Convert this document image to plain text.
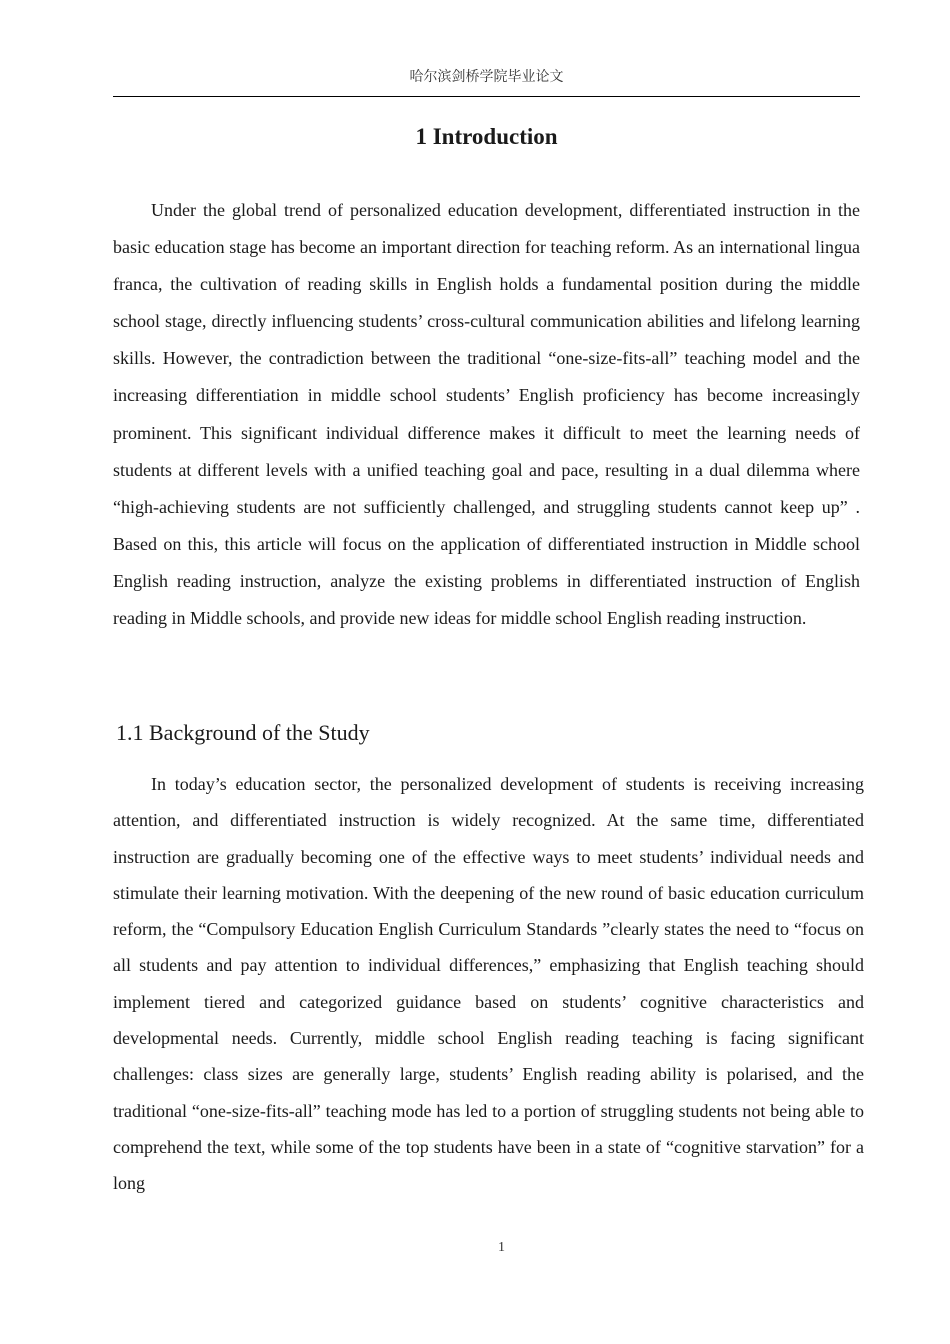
哈尔滨剑桥学院毕业论文
1 Introduction

Under the global trend of personalized education development, differentiated instruction in the basic education stage has become an important direction for teaching reform. As an international lingua franca, the cultivation of reading skills in English holds a fundamental position during the middle school stage, directly influencing students’ cross-cultural communication abilities and lifelong learning skills. However, the contradiction between the traditional “one-size-fits-all” teaching model and the increasing differentiation in middle school students’ English proficiency has become increasingly prominent. This significant individual difference makes it difficult to meet the learning needs of students at different levels with a unified teaching goal and pace, resulting in a dual dilemma where “high-achieving students are not sufficiently challenged, and struggling students cannot keep up” . Based on this, this article will focus on the application of differentiated instruction in Middle school English reading instruction, analyze the existing problems in differentiated instruction of English reading in Middle schools, and provide new ideas for middle school English reading instruction.

1.1 Background of the Study

In today’s education sector, the personalized development of students is receiving increasing attention, and differentiated instruction is widely recognized. At the same time, differentiated instruction are gradually becoming one of the effective ways to meet students’ individual needs and stimulate their learning motivation. With the deepening of the new round of basic education curriculum reform, the “Compulsory Education English Curriculum Standards ”clearly states the need to “focus on all students and pay attention to individual differences,” emphasizing that English teaching should implement tiered and categorized guidance based on students’ cognitive characteristics and developmental needs. Currently, middle school English reading teaching is facing significant challenges: class sizes are generally large, students’ English reading ability is polarised, and the traditional “one-size-fits-all” teaching mode has led to a portion of struggling students not being able to comprehend the text, while some of the top students have been in a state of “cognitive starvation” for a long

1
